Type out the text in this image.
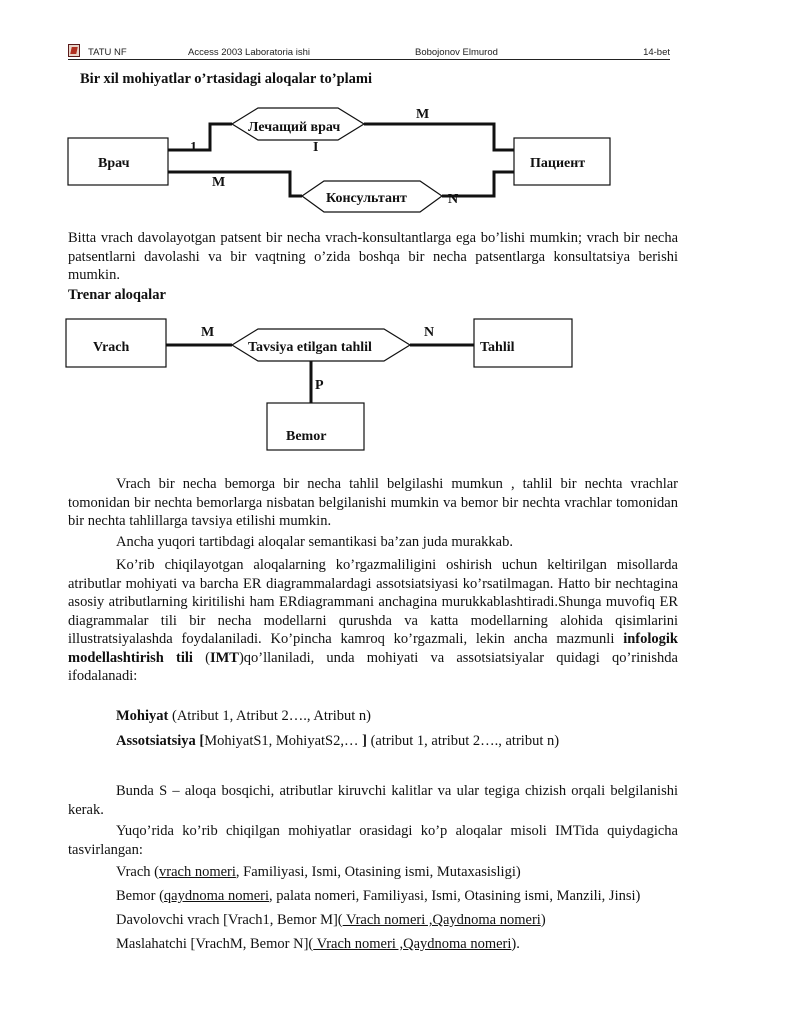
TATU NF	Access 2003 Laboratoria ishi	Bobojonov Elmurod	14-bet
Bir xil mohiyatlar o’rtasidagi aloqalar to’plami
Врач	Пациент
Лечащий врач
Консультант
1
M
I
M
N
Bitta vrach davolayotgan patsent bir necha vrach-konsultantlarga ega bo’lishi mumkin; vrach bir necha patsentlarni davolashi va bir vaqtning o’zida boshqa bir necha patsentlarga konsultatsiya berishi mumkin.
Trenar aloqalar
Vrach	Tahlil
Bemor
Tavsiya etilgan tahlil
M	N
P
Vrach bir necha bemorga bir necha tahlil belgilashi mumkun , tahlil bir nechta vrachlar tomonidan bir nechta bemorlarga nisbatan belgilanishi mumkin va bemor bir nechta vrachlar tomonidan bir nechta tahlillarga tavsiya etilishi mumkin.
Ancha yuqori tartibdagi aloqalar semantikasi ba’zan juda murakkab.
Ko’rib chiqilayotgan aloqalarning ko’rgazmaliligini oshirish uchun keltirilgan misollarda atributlar mohiyati va barcha ER diagrammalardagi assotsiatsiyasi ko’rsatilmagan. Hatto bir nechtagina asosiy atributlarning kiritilishi ham ERdiagrammani anchagina murukkablashtiradi.Shunga muvofiq ER diagrammalar tili bir necha modellarni qurushda va katta modellarning alohida qisimlarini illustratsiyalashda foydalaniladi. Ko’pincha kamroq ko’rgazmali, lekin ancha mazmunli infologik modellashtirish tili (IMT)qo’llaniladi, unda mohiyati va assotsiatsiyalar quidagi qo’rinishda ifodalanadi:
Mohiyat (Atribut 1, Atribut 2…., Atribut n)
Assotsiatsiya [MohiyatS1, MohiyatS2,… ] (atribut 1, atribut 2…., atribut n)
Bunda S – aloqa bosqichi, atributlar kiruvchi kalitlar va ular tegiga chizish orqali belgilanishi kerak.
Yuqo’rida ko’rib chiqilgan mohiyatlar orasidagi ko’p aloqalar misoli IMTida quiydagicha tasvirlangan:
Vrach (vrach nomeri, Familiyasi, Ismi, Otasining ismi, Mutaxasisligi)
Bemor (qaydnoma nomeri, palata nomeri, Familiyasi, Ismi, Otasining ismi, Manzili, Jinsi)
Davolovchi vrach [Vrach1, Bemor M]( Vrach nomeri ,Qaydnoma nomeri)
Maslahatchi [VrachM, Bemor N]( Vrach nomeri ,Qaydnoma nomeri).
